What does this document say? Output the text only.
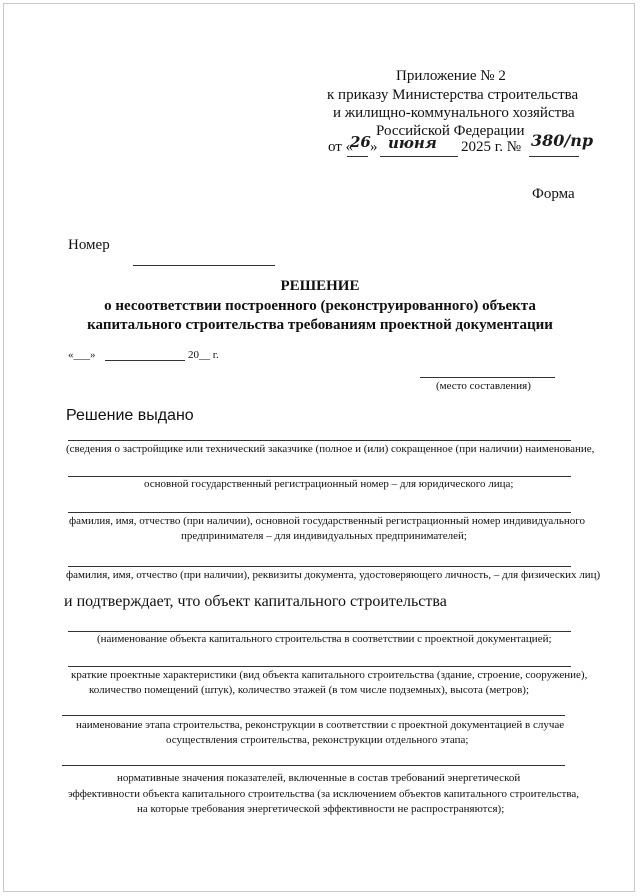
Приложение № 2
к приказу Министерства строительства
и жилищно-коммунального хозяйства
Российской Федерации
от «
26 » июня 2025 г. № 380/пр
Форма
Номер
РЕШЕНИЕ
о несоответствии построенного (реконструированного) объекта
капитального строительства требованиям проектной документации
«___»	20__ г.
(место составления)
Решение выдано
(сведения о застройщике или технический заказчике (полное и (или) сокращенное (при наличии) наименование,
основной государственный регистрационный номер – для юридического лица;
фамилия, имя, отчество (при наличии), основной государственный регистрационный номер индивидуального
предпринимателя – для индивидуальных предпринимателей;
фамилия, имя, отчество (при наличии), реквизиты документа, удостоверяющего личность, – для физических лиц)
и подтверждает, что объект капитального строительства
(наименование объекта капитального строительства в соответствии с проектной документацией;
краткие проектные характеристики (вид объекта капитального строительства (здание, строение, сооружение),
количество помещений (штук), количество этажей (в том числе подземных), высота (метров);
наименование этапа строительства, реконструкции в соответствии с проектной документацией в случае
осуществления строительства, реконструкции отдельного этапа;
нормативные значения показателей, включенные в состав требований энергетической
эффективности объекта капитального строительства (за исключением объектов капитального строительства,
на которые требования энергетической эффективности не распространяются);
